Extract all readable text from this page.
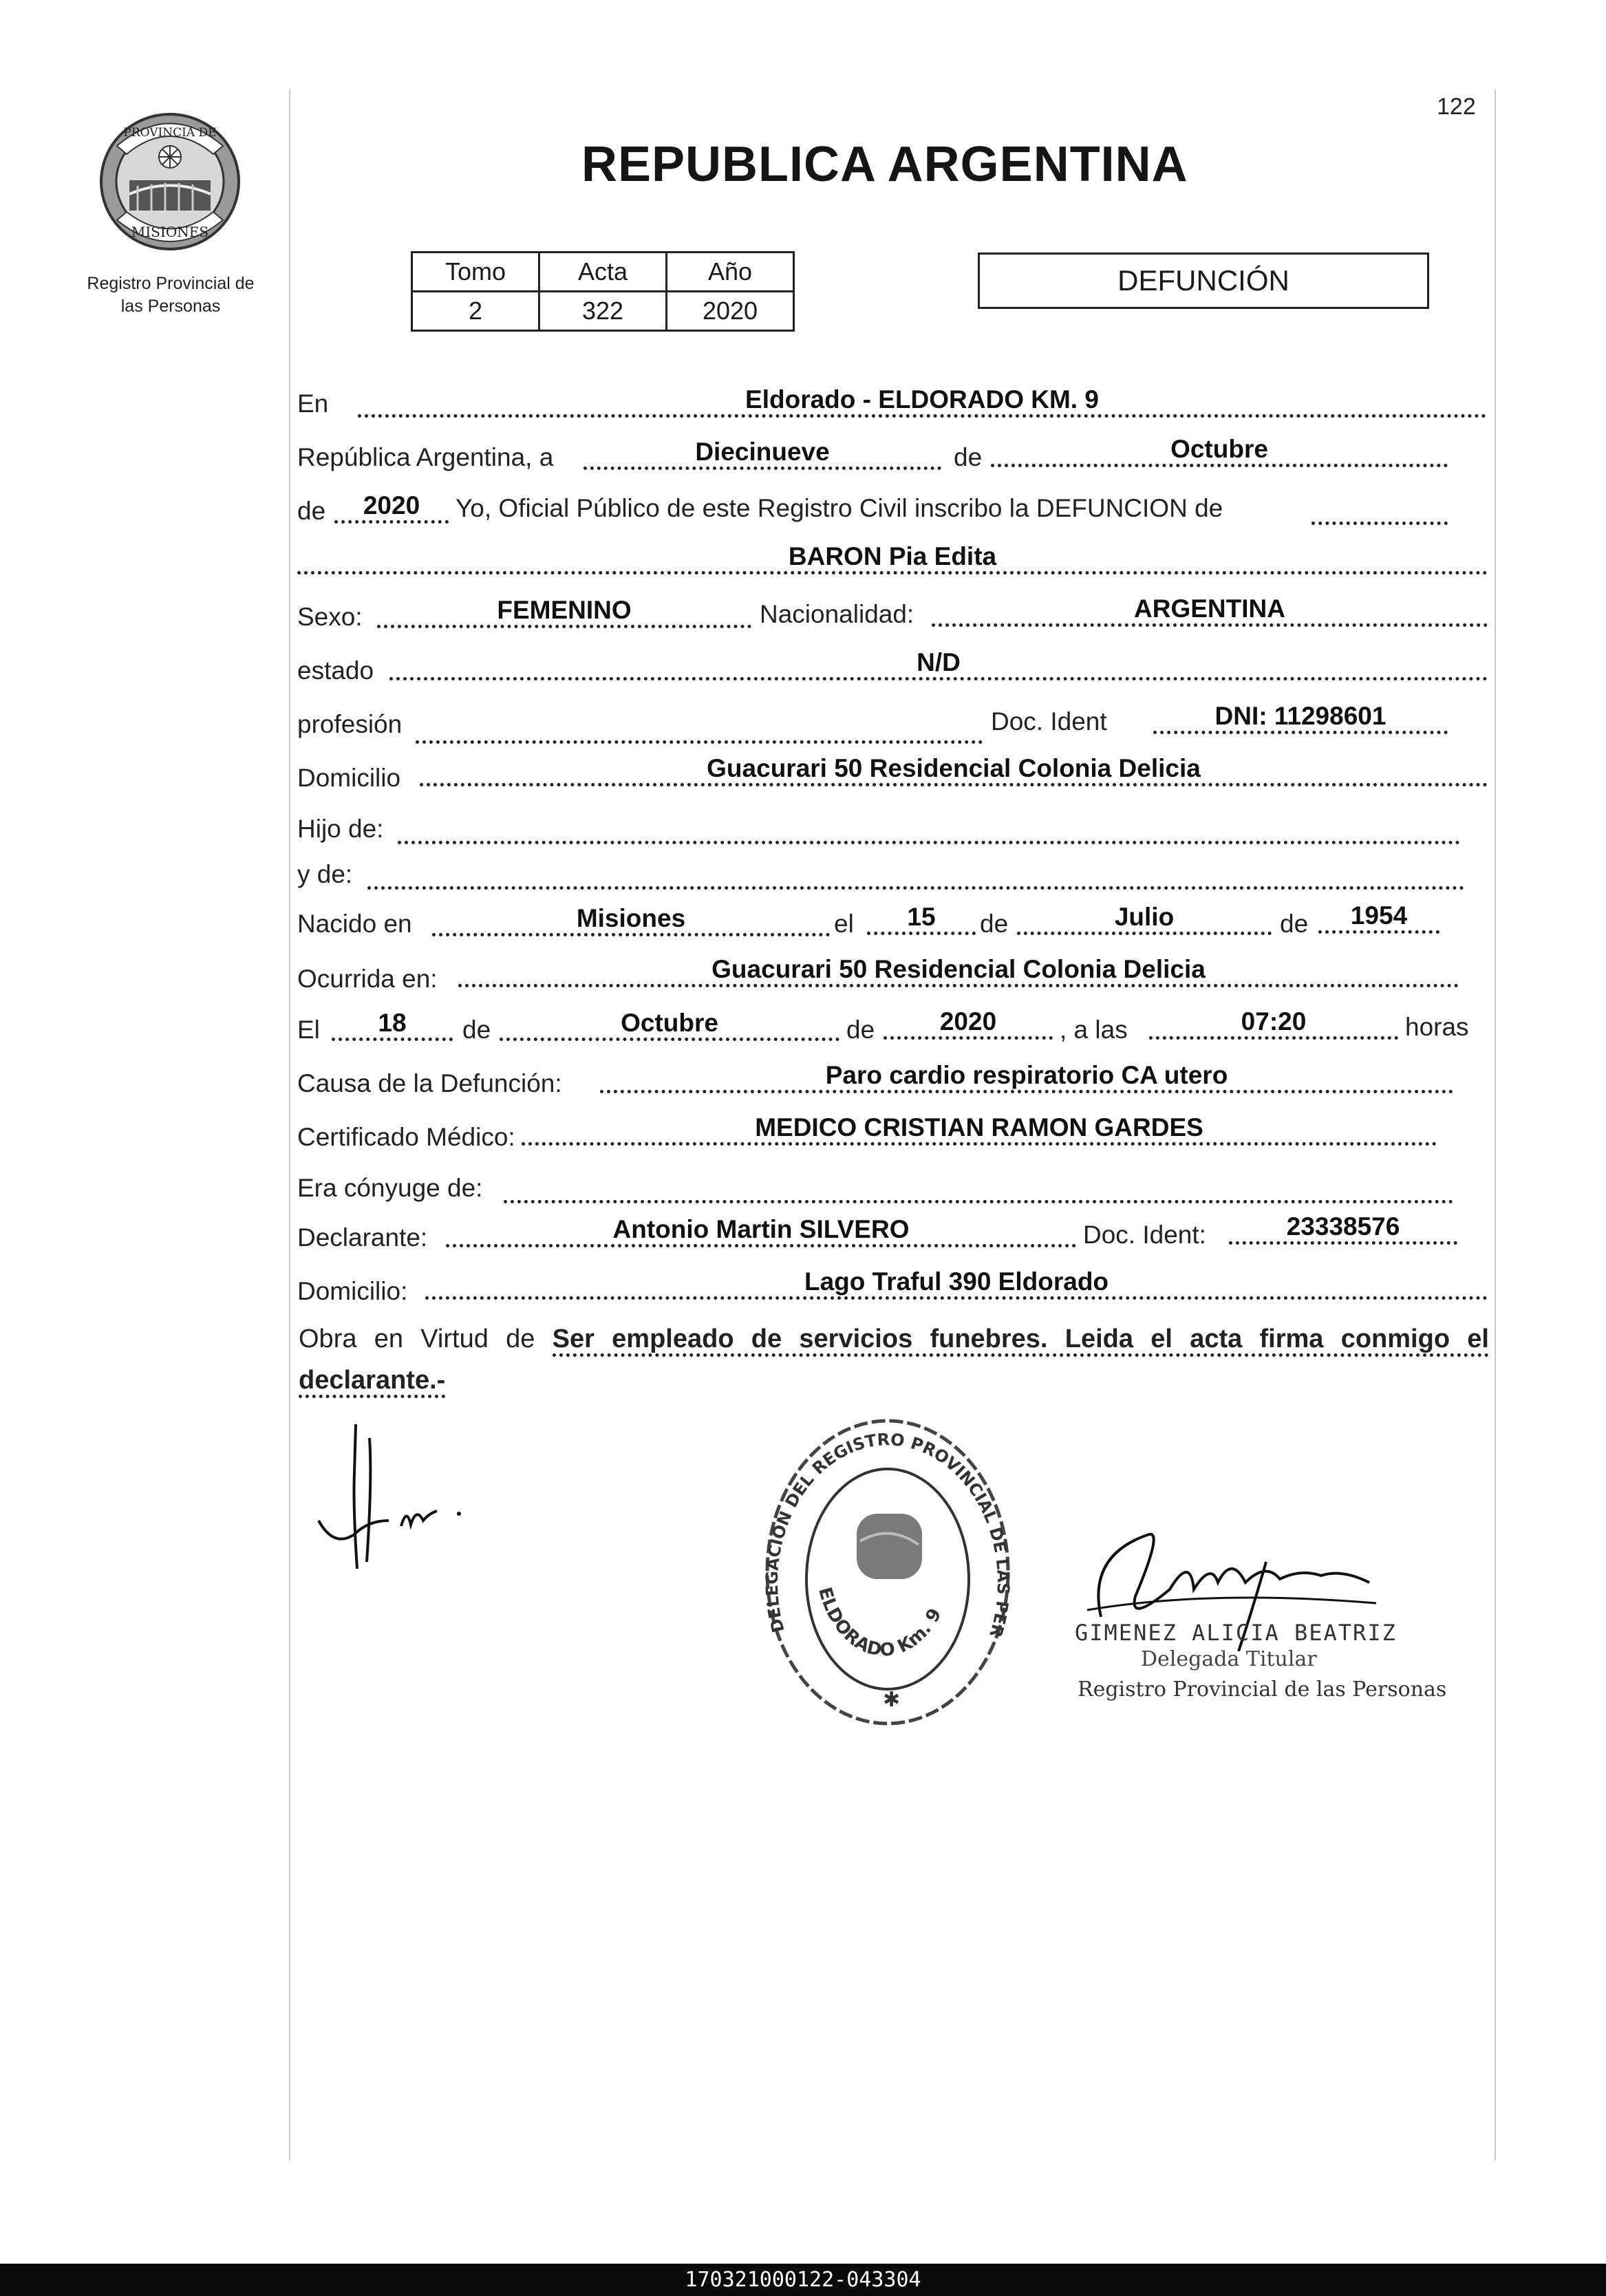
122
PROVINCIA DE
MISIONES
Registro Provincial de
las Personas
REPUBLICA ARGENTINA
Tomo	Acta	Año
2	322	2020
DEFUNCIÓN
En	Eldorado - ELDORADO KM. 9
República Argentina, a	Diecinueve	de	Octubre
de	2020	Yo, Oficial Público de este Registro Civil inscribo la DEFUNCION de
BARON Pia Edita
Sexo:	FEMENINO	Nacionalidad:	ARGENTINA
estado	N/D
profesión	Doc. Ident	DNI: 11298601
Domicilio	Guacurari 50 Residencial Colonia Delicia
Hijo de:
y de:
Nacido en	Misiones	el	15	de	Julio	de	1954
Ocurrida en:	Guacurari 50 Residencial Colonia Delicia
El	18	de	Octubre	de	2020	, a las	07:20	horas
Causa de la Defunción:	Paro cardio respiratorio CA utero
Certificado Médico:	MEDICO CRISTIAN RAMON GARDES
Era cónyuge de:
Declarante:	Antonio Martin SILVERO	Doc. Ident:	23338576
Domicilio:	Lago Traful 390 Eldorado
Obra en Virtud de Ser empleado de servicios funebres. Leida el acta firma conmigo el declarante.-
DELEGACION DEL REGISTRO PROVINCIAL DE LAS PER
ELDORADO Km. 9
✱
GIMENEZ ALICIA BEATRIZ
Delegada Titular
Registro Provincial de las Personas
170321000122-043304
